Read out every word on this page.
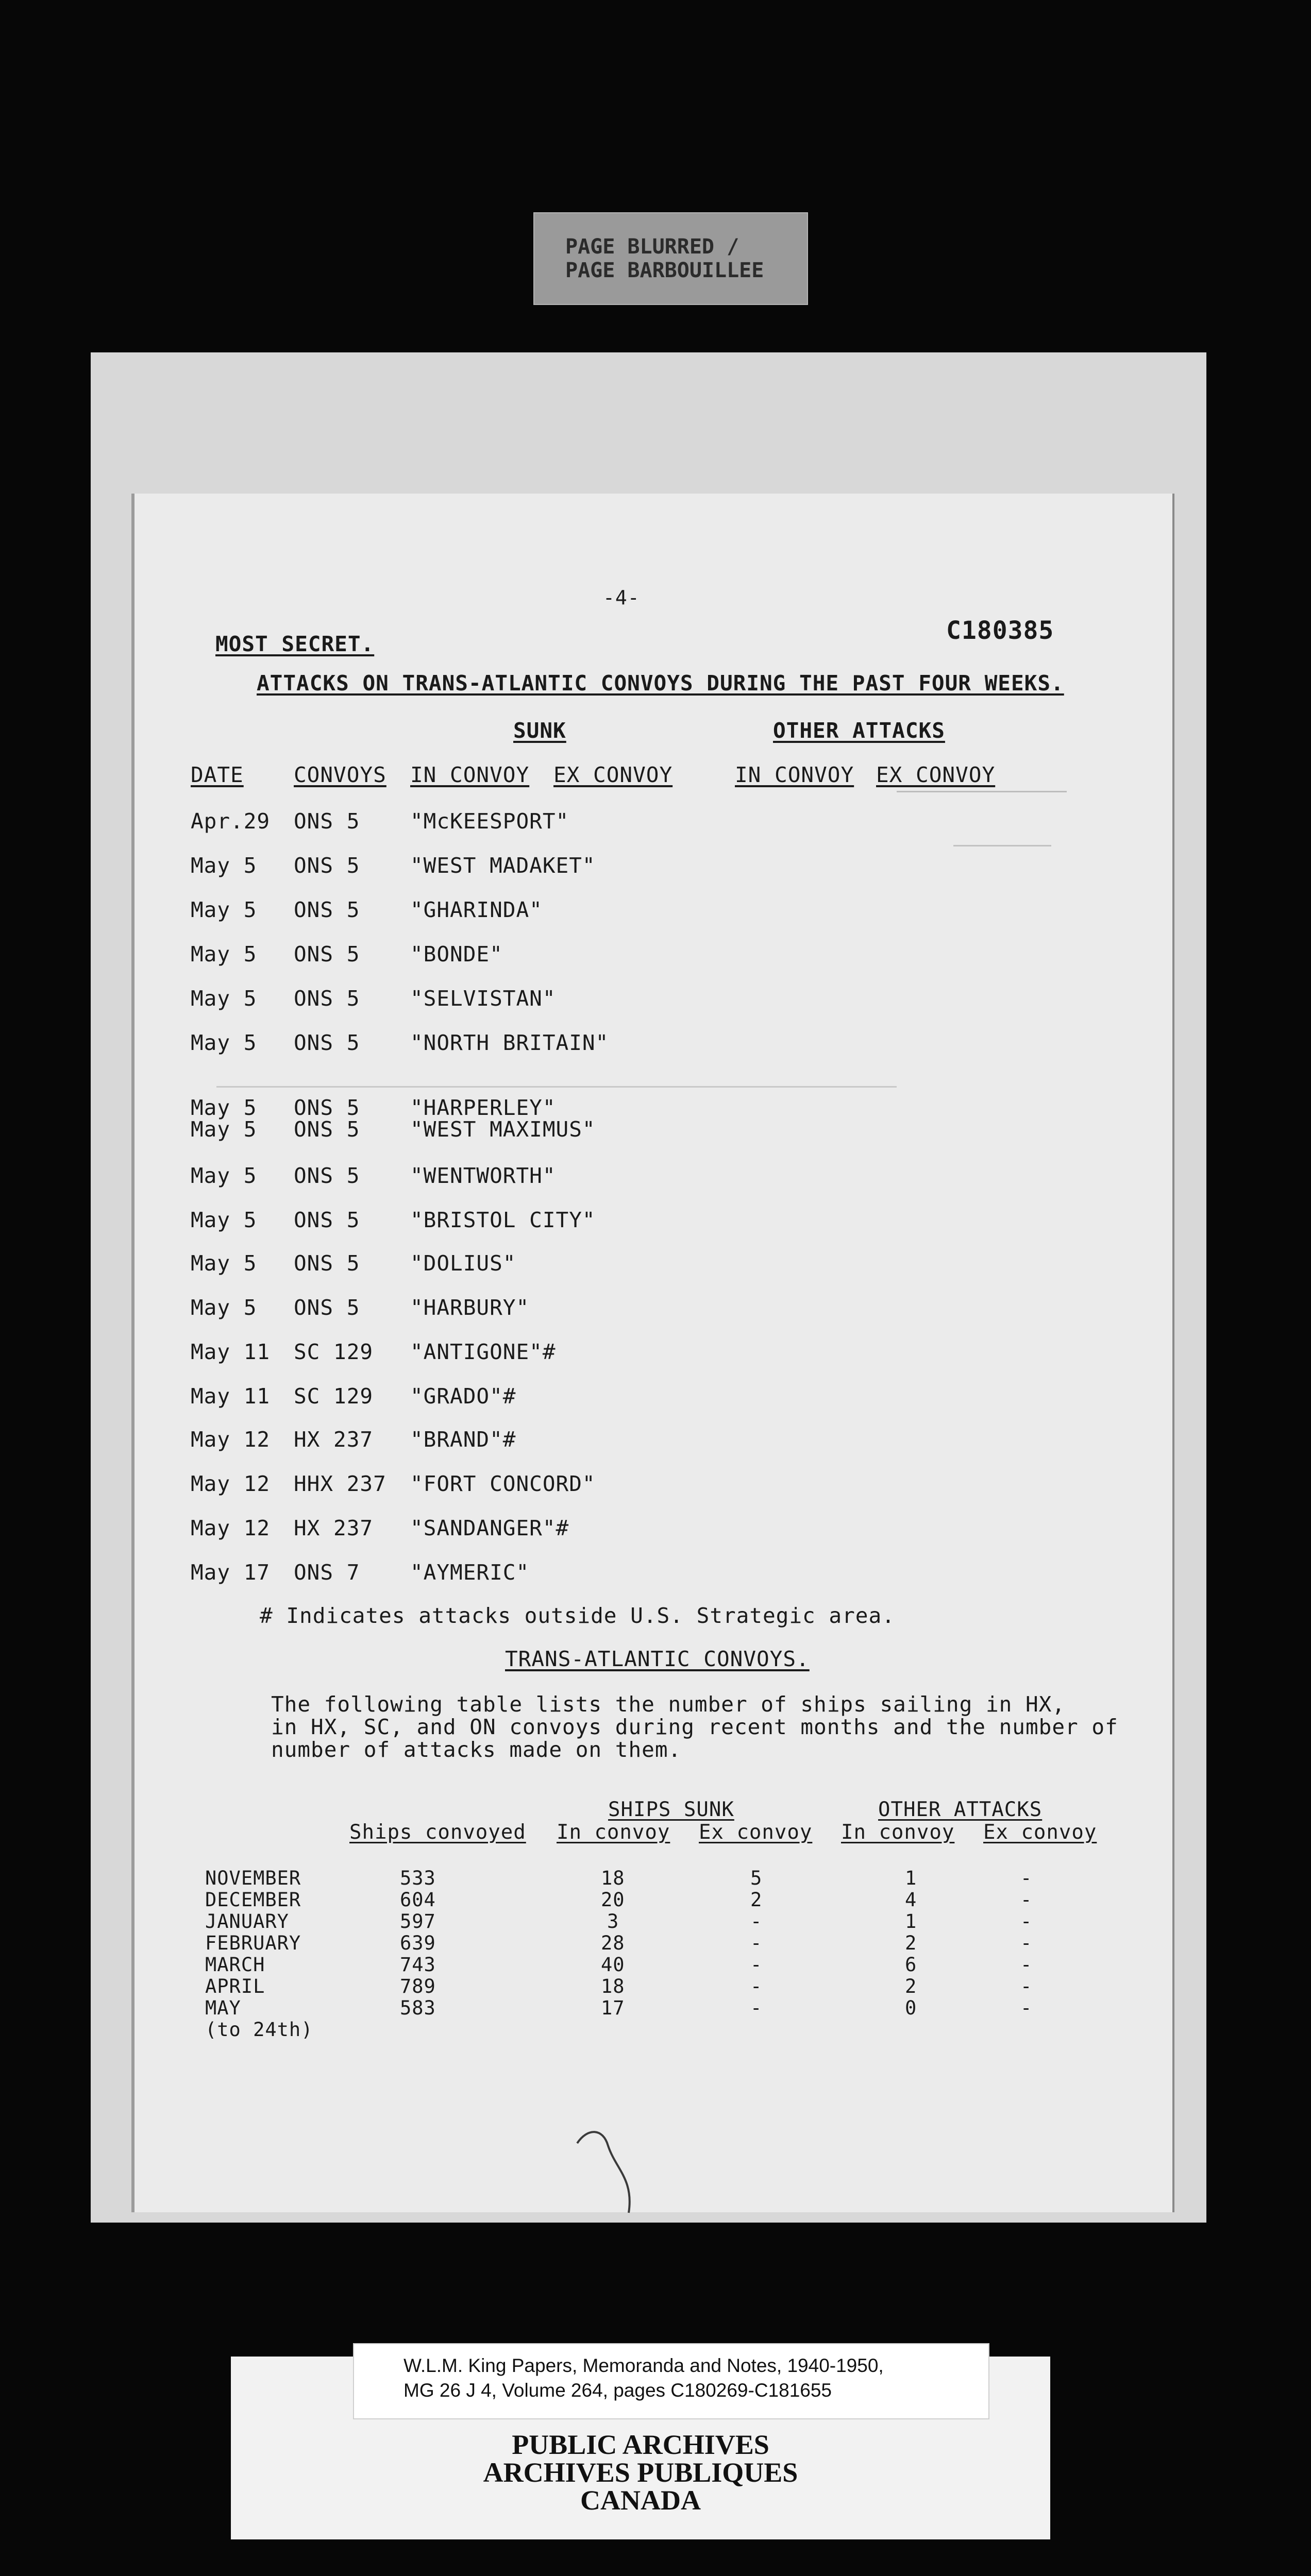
PAGE BLURRED /
PAGE BARBOUILLEE
-4-
MOST SECRET.	C180385
ATTACKS ON TRANS-ATLANTIC CONVOYS DURING THE PAST FOUR WEEKS.
SUNK	OTHER ATTACKS
DATE CONVOYS IN CONVOY EX CONVOY	IN CONVOY EX CONVOY
Apr.29 ONS 5 "McKEESPORT"
May 5 ONS 5 "WEST MADAKET"
May 5 ONS 5 "GHARINDA"
May 5 ONS 5 "BONDE"
May 5 ONS 5 "SELVISTAN"
May 5 ONS 5 "NORTH BRITAIN"
May 5 ONS 5 "HARPERLEY"
May 5 ONS 5 "WEST MAXIMUS"
May 5 ONS 5 "WENTWORTH"
May 5 ONS 5 "BRISTOL CITY"
May 5 ONS 5 "DOLIUS"
May 5 ONS 5 "HARBURY"
May 11 SC 129 "ANTIGONE"#
May 11 SC 129 "GRADO"#
May 12 HX 237 "BRAND"#
May 12 HHX 237 "FORT CONCORD"
May 12 HX 237 "SANDANGER"#
May 17 ONS 7 "AYMERIC"
# Indicates attacks outside U.S. Strategic area.
TRANS-ATLANTIC CONVOYS.
The following table lists the number of ships sailing in HX,
in HX, SC, and ON convoys during recent months and the number of
number of attacks made on them.
SHIPS SUNK	OTHER ATTACKS
Ships convoyed In convoy Ex convoy In convoy Ex convoy
NOVEMBER	533	18	5	1	-
DECEMBER	604	20	2	4	-
JANUARY	597	3	-	1	-
FEBRUARY	639	28	-	2	-
MARCH	743	40	-	6	-
APRIL	789	18	-	2	-
MAY	583	17	-	0	-
(to 24th)
W.L.M. King Papers, Memoranda and Notes, 1940-1950,
MG 26 J 4, Volume 264, pages C180269-C181655
PUBLIC ARCHIVES
ARCHIVES PUBLIQUES
CANADA
